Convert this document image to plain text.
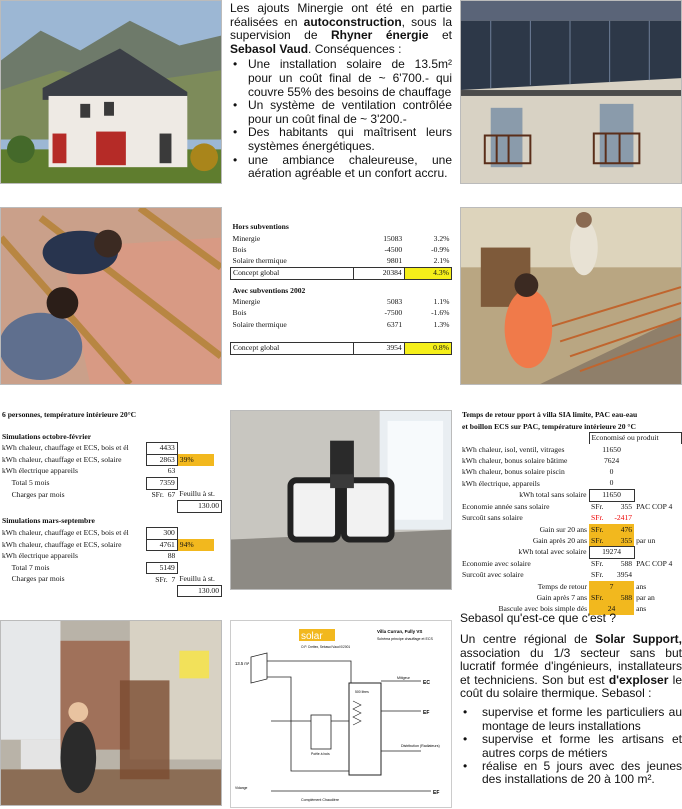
Les ajouts Minergie ont été en partie réalisées en autoconstruction, sous la supervision de Rhyner énergie et Sebasol Vaud. Conséquences :

• Une installation solaire de 13.5m² pour un coût final de ~ 6'700.- qui couvre 55% des besoins de chauffage
• Un système de ventilation contrôlée pour un coût final de ~ 3'200.-
• Des habitants qui maîtrisent leurs systèmes énergétiques.
• une ambiance chaleureuse, une aération agréable et un confort accru.
Hors subventions		
Minergie	15083	3.2%
Bois	-4500	-0.9%
Solaire thermique	9801	2.1%
Concept global	20384	4.3%

Avec subventions 2002		
Minergie	5083	1.1%
Bois	-7500	-1.6%
Solaire thermique	6371	1.3%

Concept global	3954	0.8%
6 personnes, température intérieure 20°C				

Simulations octobre-février				
kWh chaleur, chauffage et ECS, bois et él		4433		
kWh chaleur, chauffage et ECS, solaire		2863	39%	
kWh électrique appareils		63		
	Total 5 mois	7359		
	Charges par mois	SFr. 67	Feuillu à st.	
			130.00	

Simulations mars-septembre				
kWh chaleur, chauffage et ECS, bois et él		300		
kWh chaleur, chauffage et ECS, solaire		4761	94%	
kWh électrique appareils		88		
	Total 7 mois	5149		
	Charges par mois	SFr. 7	Feuillu à st.	
			130.00	
Temps de retour pport à villa SIA limite, PAC eau-eau			
et boillon ECS sur PAC, température intérieure 20 °C			
	Economisé ou produit		
kWh chaleur, isol, ventil, vitrages	11650		
kWh chaleur, bonus solaire bâtime	7624		
kWh chaleur, bonus solaire piscin	0		
kWh électrique, appareils	0		
kWh total sans solaire	11650		
Economie année sans solaire	SFr.	355	PAC COP 4
Surcoût sans solaire	SFr.	-2417	
Gain sur 20 ans	SFr.	476	
Gain après 20 ans	SFr.	355	par un
kWh total avec solaire	19274		
Economie avec solaire	SFr.	588	PAC COP 4
Surcoût avec solaire	SFr.	3954	
Temps de retour	7		ans
Gain après 7 ans	SFr.	588	par an
Bascule avec bois simple dés	24		ans
solar
O.P. Crettex, Sebasol Vaud 0/2001
Villa Curran, Fully VS
Schéma principe chauffage et ECS
13.5 m²
500 litres
Poêle à bois
Mitigeur
EC
EF
Distribution (Radiateurs)
Vidange
Complément Chaudière
EF

Sebasol qu'est-ce que c'est ?

Un centre régional de Solar Support, association du 1/3 secteur sans but lucratif formée d'ingénieurs, installateurs et techniciens. Son but est d'exploser le coût du solaire thermique. Sebasol :

• supervise et forme les particuliers au montage de leurs installations
• supervise et forme les artisans et autres corps de métiers
• réalise en 5 jours avec des jeunes des installations de 20 à 100 m².
